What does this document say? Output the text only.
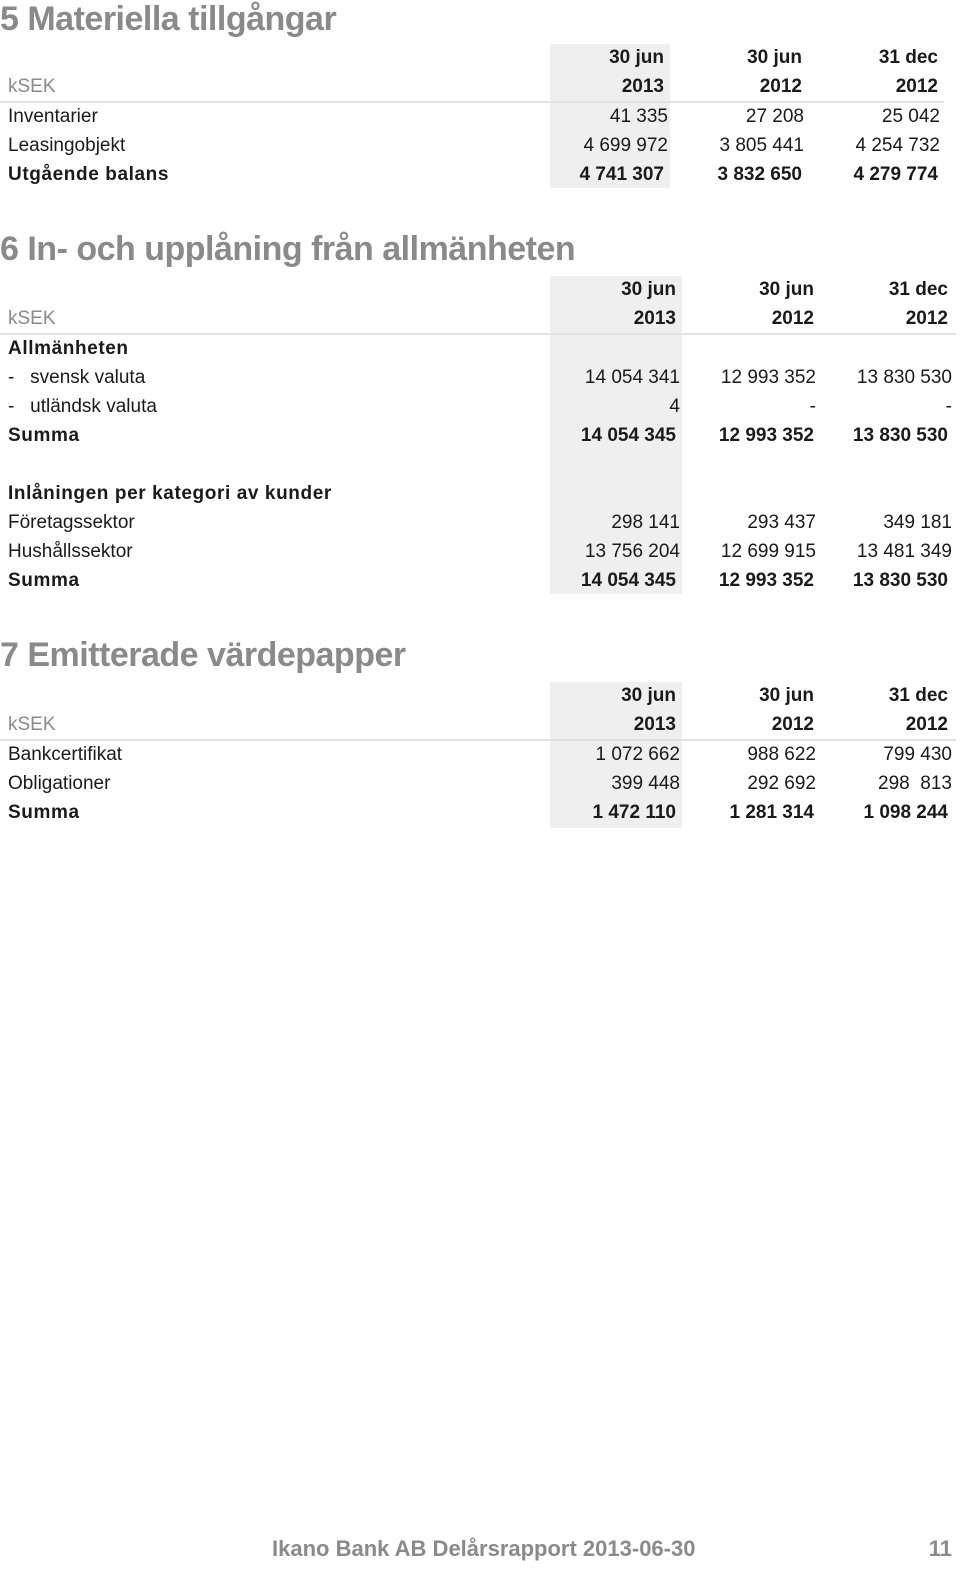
5 Materiella tillgångar
30 jun	30 jun	31 dec
kSEK	2013	2012	2012
Inventarier	41 335	27 208	25 042
Leasingobjekt	4 699 972	3 805 441	4 254 732
Utgående balans	4 741 307	3 832 650	4 279 774
6 In- och upplåning från allmänheten
30 jun	30 jun	31 dec
kSEK	2013	2012	2012
Allmänheten
-   svensk valuta	14 054 341	12 993 352	13 830 530
-   utländsk valuta	4	-	-
Summa	14 054 345	12 993 352	13 830 530
Inlåningen per kategori av kunder
Företagssektor	298 141	293 437	349 181
Hushållssektor	13 756 204	12 699 915	13 481 349
Summa	14 054 345	12 993 352	13 830 530
7 Emitterade värdepapper
30 jun	30 jun	31 dec
kSEK	2013	2012	2012
Bankcertifikat	1 072 662	988 622	799 430
Obligationer	399 448	292 692	298  813
Summa	1 472 110	1 281 314	1 098 244
Ikano Bank AB Delårsrapport 2013-06-30	11
